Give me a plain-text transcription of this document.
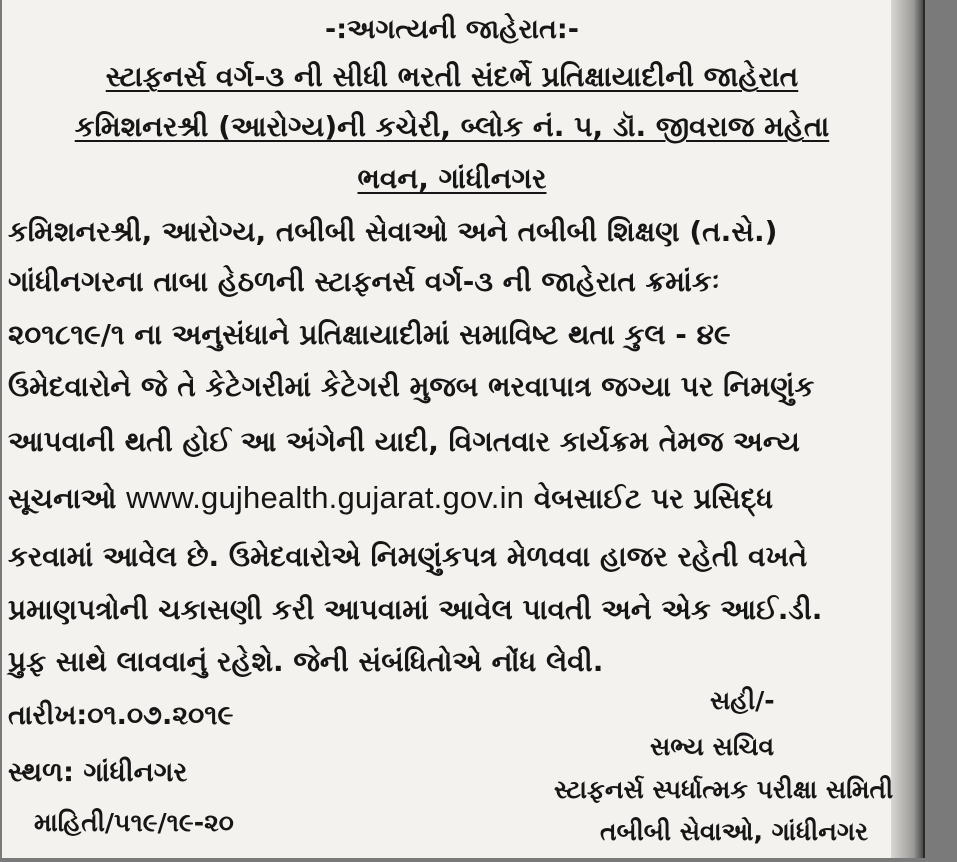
-:અગત્યની જાહેરાત:-
સ્ટાફનર્સ વર્ગ-૩ ની સીધી ભરતી સંદર્ભે પ્રતિક્ષાયાદીની જાહેરાત
કમિશનરશ્રી (આરોગ્ય)ની કચેરી, બ્લોક નં. ૫, ડૉ. જીવરાજ મહેતા
ભવન, ગાંધીનગર
કમિશનરશ્રી, આરોગ્ય, તબીબી સેવાઓ અને તબીબી શિક્ષણ (ત.સે.)
ગાંધીનગરના તાબા હેઠળની સ્ટાફનર્સ વર્ગ-૩ ની જાહેરાત ક્રમાંકઃ
૨૦૧૮૧૯/૧ ના અનુસંધાને પ્રતિક્ષાયાદીમાં સમાવિષ્ટ થતા કુલ - ૪૯
ઉમેદવારોને જે તે કેટેગરીમાં કેટેગરી મુજબ ભરવાપાત્ર જગ્યા પર નિમણુંક
આપવાની થતી હોઈ આ અંગેની યાદી, વિગતવાર કાર્યક્રમ તેમજ અન્ય
સૂચનાઓ www.gujhealth.gujarat.gov.in વેબસાઈટ પર પ્રસિદ્ધ
કરવામાં આવેલ છે. ઉમેદવારોએ નિમણુંકપત્ર મેળવવા હાજર રહેતી વખતે
પ્રમાણપત્રોની ચકાસણી કરી આપવામાં આવેલ પાવતી અને એક આઈ.ડી.
પ્રુફ સાથે લાવવાનું રહેશે. જેની સંબંધિતોએ નોંધ લેવી.
તારીખ:૦૧.૦૭.૨૦૧૯
સ્થળ: ગાંધીનગર
માહિતી/૫૧૯/૧૯-૨૦
સહી/-
સભ્ય સચિવ
સ્ટાફનર્સ સ્પર્ધાત્મક પરીક્ષા સમિતી
તબીબી સેવાઓ, ગાંધીનગર
